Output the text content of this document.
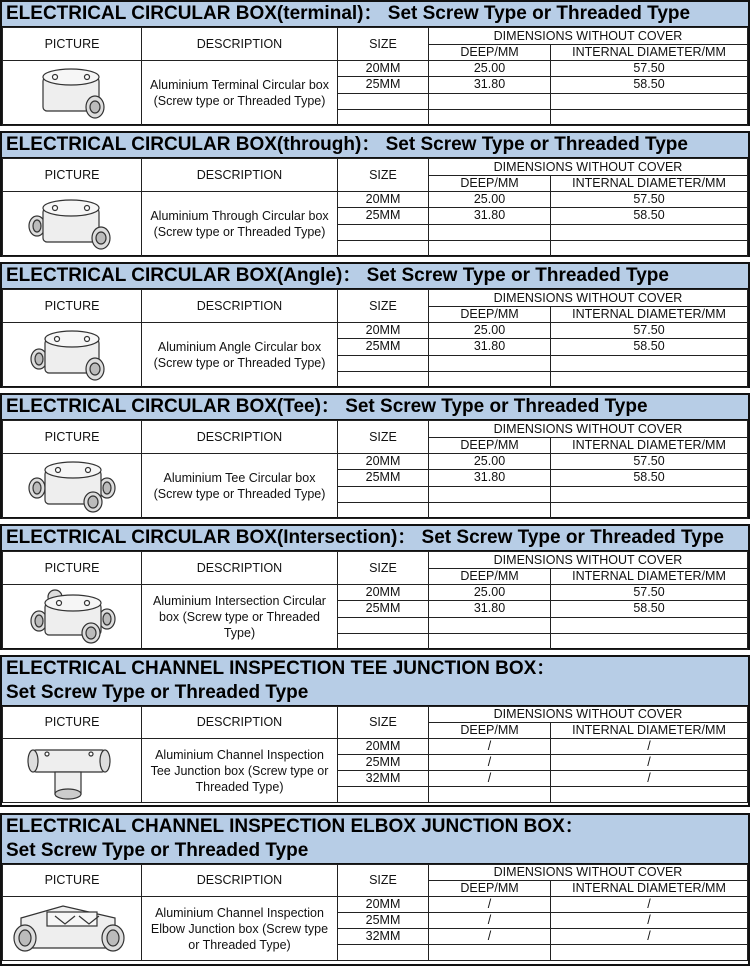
ELECTRICAL CIRCULAR BOX(terminal)： Set Screw Type or Threaded Type
PICTURE	DESCRIPTION	SIZE	DIMENSIONS WITHOUT COVER	
			DEEP/MM	INTERNAL DIAMETER/MM

	Aluminium Terminal Circular box (Screw type or Threaded Type)	20MM	25.00	57.50
		25MM	31.80	58.50

ELECTRICAL CIRCULAR BOX(through)： Set Screw Type or Threaded Type
PICTURE	DESCRIPTION	SIZE	DIMENSIONS WITHOUT COVER	
			DEEP/MM	INTERNAL DIAMETER/MM

	Aluminium Through Circular box (Screw type or Threaded Type)	20MM	25.00	57.50
		25MM	31.80	58.50

ELECTRICAL CIRCULAR BOX(Angle)： Set Screw Type or Threaded Type
PICTURE	DESCRIPTION	SIZE	DIMENSIONS WITHOUT COVER	
			DEEP/MM	INTERNAL DIAMETER/MM

	Aluminium Angle Circular box (Screw type or Threaded Type)	20MM	25.00	57.50
		25MM	31.80	58.50

ELECTRICAL CIRCULAR BOX(Tee)： Set Screw Type or Threaded Type
PICTURE	DESCRIPTION	SIZE	DIMENSIONS WITHOUT COVER	
			DEEP/MM	INTERNAL DIAMETER/MM

	Aluminium Tee Circular box (Screw type or Threaded Type)	20MM	25.00	57.50
		25MM	31.80	58.50

ELECTRICAL CIRCULAR BOX(Intersection)： Set Screw Type or Threaded Type
PICTURE	DESCRIPTION	SIZE	DIMENSIONS WITHOUT COVER	
			DEEP/MM	INTERNAL DIAMETER/MM

	Aluminium Intersection Circular box (Screw type or Threaded Type)	20MM	25.00	57.50
		25MM	31.80	58.50

ELECTRICAL CHANNEL INSPECTION TEE JUNCTION BOX：
Set Screw Type or Threaded Type
PICTURE	DESCRIPTION	SIZE	DIMENSIONS WITHOUT COVER	
			DEEP/MM	INTERNAL DIAMETER/MM

	Aluminium Channel Inspection Tee Junction box (Screw type or Threaded Type)	20MM	/	/
		25MM	/	/
		32MM	/	/

ELECTRICAL CHANNEL INSPECTION ELBOX JUNCTION BOX：
Set Screw Type or Threaded Type
PICTURE	DESCRIPTION	SIZE	DIMENSIONS WITHOUT COVER	
			DEEP/MM	INTERNAL DIAMETER/MM

	Aluminium Channel Inspection Elbow Junction box (Screw type or Threaded Type)	20MM	/	/
		25MM	/	/
		32MM	/	/
